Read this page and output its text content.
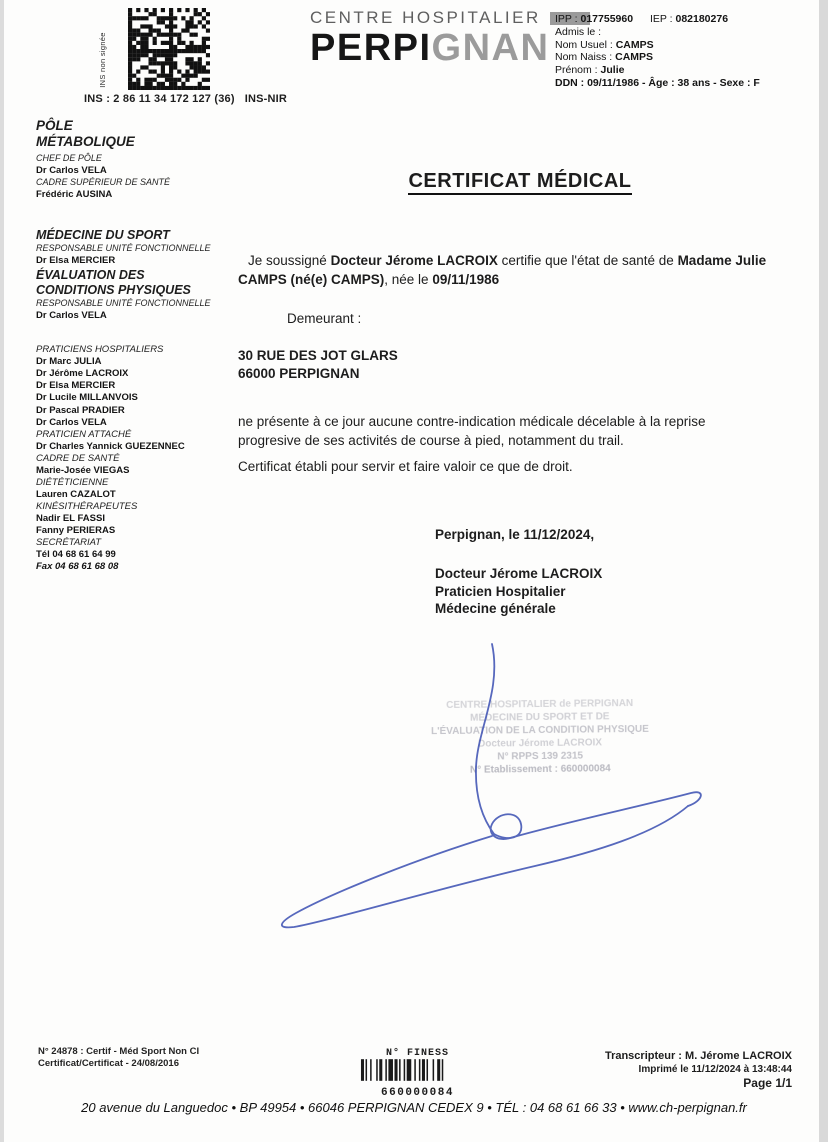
INS non signée
INS : 2 86 11 34 172 127 (36) INS-NIR
CENTRE HOSPITALIER
PERPIGNAN
IPP : 017755960 IEP : 082180276
Admis le :
Nom Usuel : CAMPS
Nom Naiss : CAMPS
Prénom : Julie
DDN : 09/11/1986 - Âge : 38 ans - Sexe : F
PÔLE MÉTABOLIQUE
CHEF DE PÔLE
Dr Carlos VELA
CADRE SUPÉRIEUR DE SANTÉ
Frédéric AUSINA
MÉDECINE DU SPORT
RESPONSABLE UNITÉ FONCTIONNELLE
Dr Elsa MERCIER
ÉVALUATION DES CONDITIONS PHYSIQUES
RESPONSABLE UNITÉ FONCTIONNELLE
Dr Carlos VELA
PRATICIENS HOSPITALIERS
Dr Marc JULIA
Dr Jérôme LACROIX
Dr Elsa MERCIER
Dr Lucile MILLANVOIS
Dr Pascal PRADIER
Dr Carlos VELA
PRATICIEN ATTACHÉ
Dr Charles Yannick GUEZENNEC
CADRE DE SANTÉ
Marie-Josée VIEGAS
DIÉTÉTICIENNE
Lauren CAZALOT
KINÉSITHÉRAPEUTES
Nadir EL FASSI
Fanny PERIERAS
SECRÉTARIAT
Tél 04 68 61 64 99
Fax 04 68 61 68 08
CERTIFICAT MÉDICAL
Je soussigné Docteur Jérome LACROIX certifie que l'état de santé de Madame Julie CAMPS (né(e) CAMPS), née le 09/11/1986
Demeurant :
30 RUE DES JOT GLARS
66000 PERPIGNAN
ne présente à ce jour aucune contre-indication médicale décelable à la reprise progresive de ses activités de course à pied, notamment du trail.
Certificat établi pour servir et faire valoir ce que de droit.
Perpignan, le 11/12/2024,
Docteur Jérome LACROIX
Praticien Hospitalier
Médecine générale
CENTRE HOSPITALIER de PERPIGNAN
MÉDECINE DU SPORT ET DE
L'ÉVALUATION DE LA CONDITION PHYSIQUE
Docteur Jérome LACROIX
N° RPPS 139 2315
N° Etablissement : 660000084
N° 24878 : Certif - Méd Sport Non CI
Certificat/Certificat - 24/08/2016
N° FINESS
660000084
Transcripteur : M. Jérome LACROIX
Imprimé le 11/12/2024 à 13:48:44
Page 1/1
20 avenue du Languedoc • BP 49954 • 66046 PERPIGNAN CEDEX 9 • TÉL : 04 68 61 66 33 • www.ch-perpignan.fr
